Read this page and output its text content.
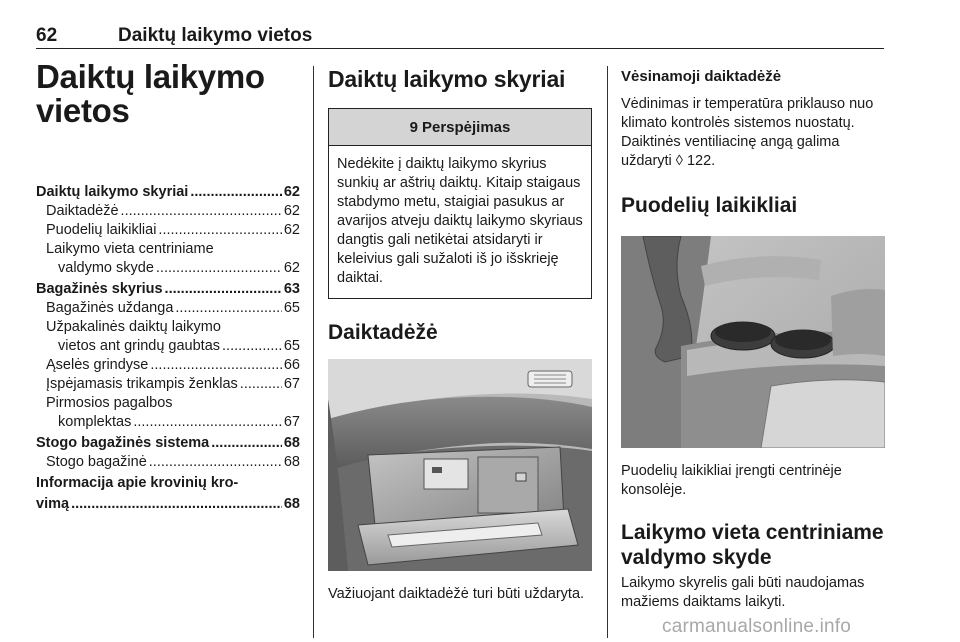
62	Daiktų laikymo vietos
Daiktų laikymo
vietos
Daiktų laikymo skyriai .....	62
Daiktadėžė .....	62
Puodelių laikikliai .....	62
Laikymo vieta centriniame
valdymo skyde .....	62
Bagažinės skyrius .....	63
Bagažinės uždanga .....	65
Užpakalinės daiktų laikymo
vietos ant grindų gaubtas .....	65
Ąselės grindyse .....	66
Įspėjamasis trikampis ženklas .....	67
Pirmosios pagalbos
komplektas .....	67
Stogo bagažinės sistema .....	68
Stogo bagažinė .....	68
Informacija apie krovinių kro-
vimą .....	68
Daiktų laikymo skyriai
9 Perspėjimas
Nedėkite į daiktų laikymo skyrius sunkių ar aštrių daiktų. Kitaip staigaus stabdymo metu, staigiai pasukus ar avarijos atveju daiktų laikymo skyriaus dangtis gali netikėtai atsidaryti ir keleivius gali sužaloti iš jo išskrieję daiktai.
Daiktadėžė
Važiuojant daiktadėžė turi būti uždaryta.
Vėsinamoji daiktadėžė
Vėdinimas ir temperatūra priklauso nuo klimato kontrolės sistemos nuostatų. Daiktinės ventiliacinę angą galima uždaryti ◊ 122.
Puodelių laikikliai
Puodelių laikikliai įrengti centrinėje konsolėje.
Laikymo vieta centriniame
valdymo skyde
Laikymo skyrelis gali būti naudojamas mažiems daiktams laikyti.
carmanualsonline.info
